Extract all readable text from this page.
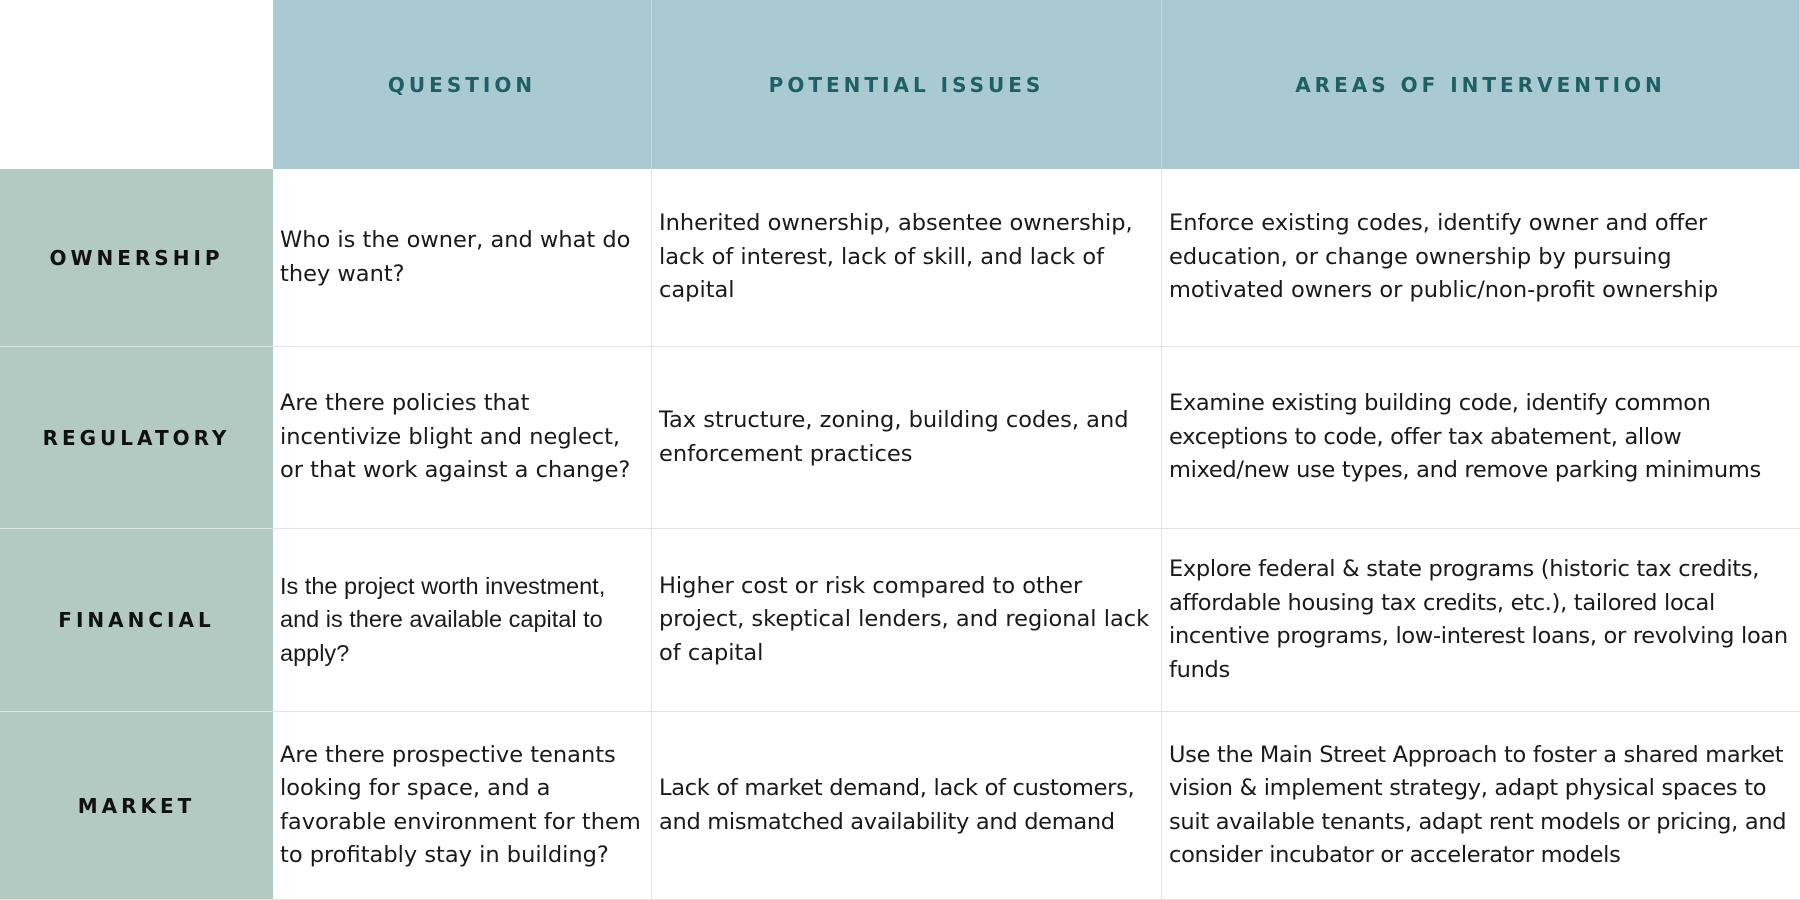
QUESTION	POTENTIAL ISSUES	AREAS OF INTERVENTION
OWNERSHIP
Who is the owner, and what do they want?
Inherited ownership, absentee ownership, lack of interest, lack of skill, and lack of capital
Enforce existing codes, identify owner and offer education, or change ownership by pursuing motivated owners or public/non-profit ownership
REGULATORY
Are there policies that incentivize blight and neglect, or that work against a change?
Tax structure, zoning, building codes, and enforcement practices
Examine existing building code, identify common exceptions to code, offer tax abatement, allow mixed/new use types, and remove parking minimums
FINANCIAL
Is the project worth investment, and is there available capital to apply?
Higher cost or risk compared to other project, skeptical lenders, and regional lack of capital
Explore federal & state programs (historic tax credits, affordable housing tax credits, etc.), tailored local incentive programs, low-interest loans, or revolving loan funds
MARKET
Are there prospective tenants looking for space, and a favorable environment for them to profitably stay in building?
Lack of market demand, lack of customers, and mismatched availability and demand
Use the Main Street Approach to foster a shared market vision & implement strategy, adapt physical spaces to suit available tenants, adapt rent models or pricing, and consider incubator or accelerator models
